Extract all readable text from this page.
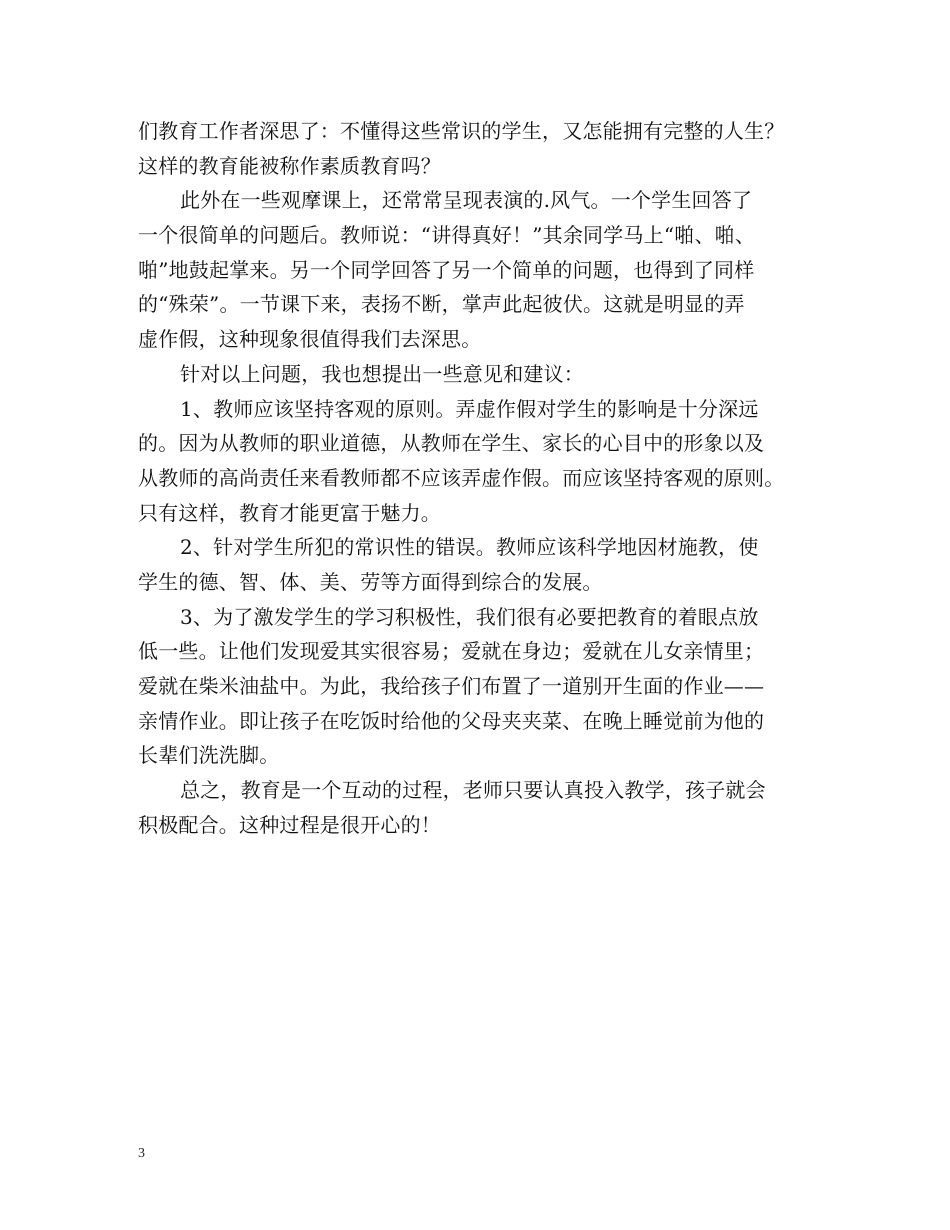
们教育工作者深思了：不懂得这些常识的学生，又怎能拥有完整的人生？
这样的教育能被称作素质教育吗？
此外在一些观摩课上，还常常呈现表演的.风气。一个学生回答了
一个很简单的问题后。教师说：“讲得真好！”其余同学马上“啪、啪、
啪”地鼓起掌来。另一个同学回答了另一个简单的问题，也得到了同样
的“殊荣”。一节课下来，表扬不断，掌声此起彼伏。这就是明显的弄
虚作假，这种现象很值得我们去深思。
针对以上问题，我也想提出一些意见和建议：
1、教师应该坚持客观的原则。弄虚作假对学生的影响是十分深远
的。因为从教师的职业道德，从教师在学生、家长的心目中的形象以及
从教师的高尚责任来看教师都不应该弄虚作假。而应该坚持客观的原则。
只有这样，教育才能更富于魅力。
2、针对学生所犯的常识性的错误。教师应该科学地因材施教，使
学生的德、智、体、美、劳等方面得到综合的发展。
3、为了激发学生的学习积极性，我们很有必要把教育的着眼点放
低一些。让他们发现爱其实很容易；爱就在身边；爱就在儿女亲情里；
爱就在柴米油盐中。为此，我给孩子们布置了一道别开生面的作业——
亲情作业。即让孩子在吃饭时给他的父母夹夹菜、在晚上睡觉前为他的
长辈们洗洗脚。
总之，教育是一个互动的过程，老师只要认真投入教学，孩子就会
积极配合。这种过程是很开心的！
3
